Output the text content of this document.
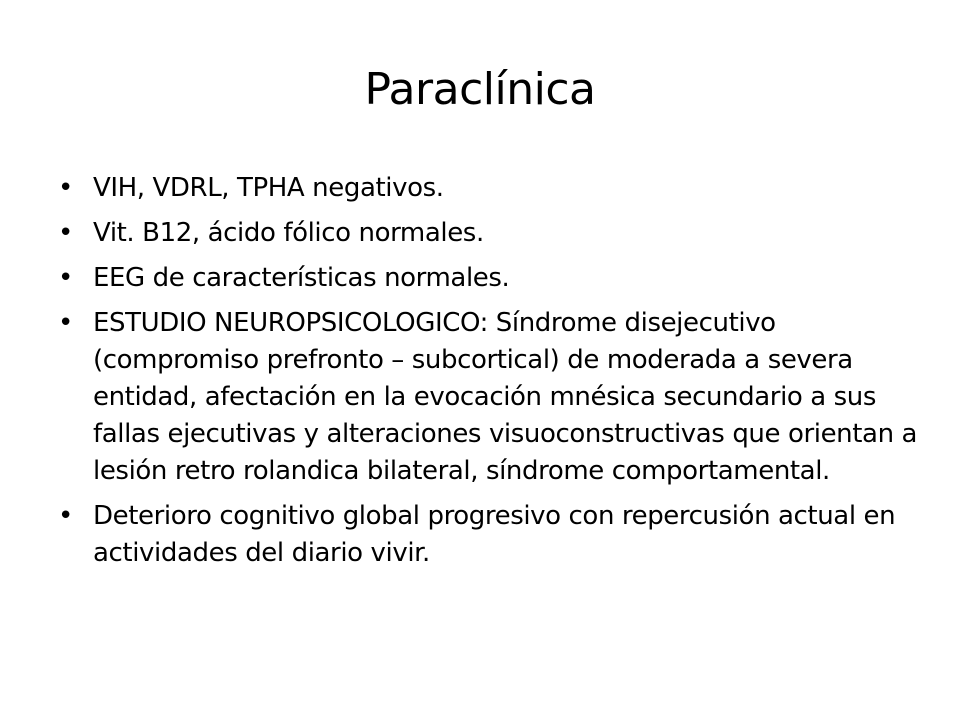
Paraclínica
• VIH, VDRL, TPHA negativos.
• Vit. B12, ácido fólico normales.
• EEG de características normales.
• ESTUDIO NEUROPSICOLOGICO: Síndrome disejecutivo (compromiso prefronto – subcortical) de moderada a severa entidad, afectación en la evocación mnésica secundario a sus fallas ejecutivas y alteraciones visuoconstructivas que orientan a lesión retro rolandica bilateral, síndrome comportamental.
• Deterioro cognitivo global progresivo con repercusión actual en actividades del diario vivir.
